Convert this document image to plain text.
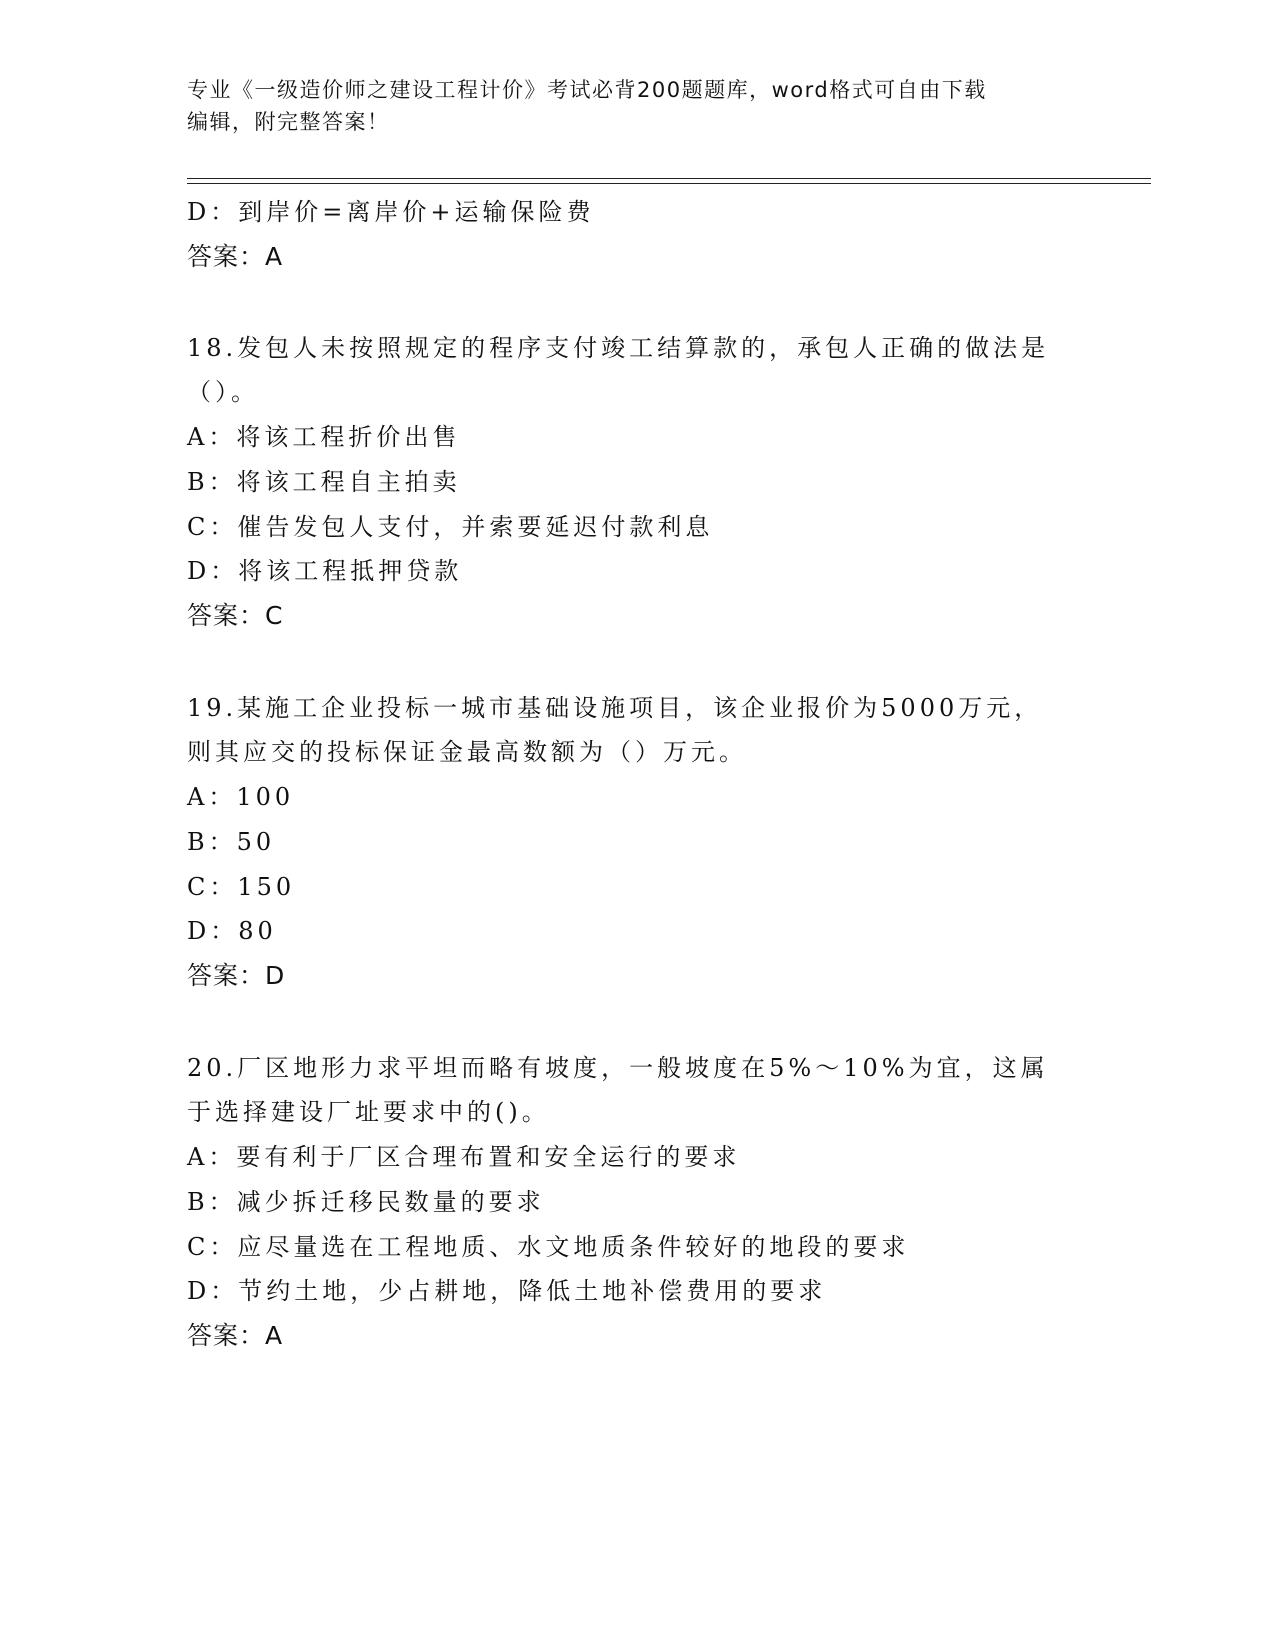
专业《一级造价师之建设工程计价》考试必背200题题库，word格式可自由下载
编辑，附完整答案！
D：到岸价=离岸价+运输保险费
答案：A
18.发包人未按照规定的程序支付竣工结算款的，承包人正确的做法是
（）。
A：将该工程折价出售
B：将该工程自主拍卖
C：催告发包人支付，并索要延迟付款利息
D：将该工程抵押贷款
答案：C
19.某施工企业投标一城市基础设施项目，该企业报价为5000万元，
则其应交的投标保证金最高数额为（）万元。
A：100
B：50
C：150
D：80
答案：D
20.厂区地形力求平坦而略有坡度，一般坡度在5%～10%为宜，这属
于选择建设厂址要求中的()。
A：要有利于厂区合理布置和安全运行的要求
B：减少拆迁移民数量的要求
C：应尽量选在工程地质、水文地质条件较好的地段的要求
D：节约土地，少占耕地，降低土地补偿费用的要求
答案：A
